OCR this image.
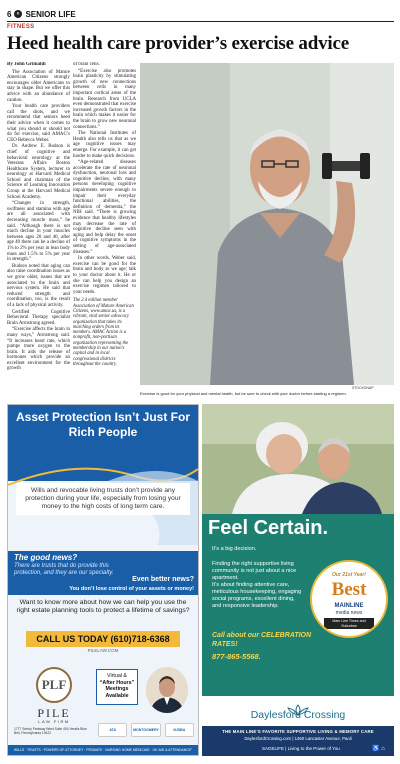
6 ◐ SENIOR LIFE
FITNESS
Heed health care provider’s exercise advice

By John Grimaldi

The Association of Mature American Citizens strongly encourages older Americans to stay in shape. But we offer this advice with an abundance of caution.

Your health care providers call the shots, and we recommend that seniors heed their advice when it comes to what you should or should not do for exercise, said AMAC’s CEO Rebecca Weber.

Dr. Andrew E. Budson is chief of cognitive and behavioral neurology at the Veterans Affairs Boston Healthcare System, lecturer in neurology at Harvard Medical School and chairman of the Science of Learning Innovation Group at the Harvard Medical School Academy.

“Changes in strength, swiftness and stamina with age are all associated with decreasing muscle mass,” he said. “Although there is not much decline in your muscles between ages 20 and 40, after age 40 there can be a decline of 1% to 2% per year in lean body mass and 1.5% to 5% per year in strength.”

Budson noted that aging can also raise coordination issues as we grow older, issues that are associated to the brain and nervous system. He said that reduced strength and coordination, too, is the result of a lack of physical activity.

Certified Cognitive Behavioral Therapy specialist Brain Armstrong agreed.

“Exercise affects the brain in many ways,” Armstrong said. “It increases heart rate, which pumps more oxygen to the brain. It aids the release of hormones which provide an excellent environment for the growth

of brain cells.

“Exercise also promotes brain plasticity by stimulating growth of new connections between cells in many important cortical areas of the brain. Research from UCLA even demonstrated that exercise increased growth factors in the brain which makes it easier for the brain to grow new neuronal connections.”

The National Institutes of Health also tells us that as we age cognitive issues may emerge. For example, it can get harder to make quick decisions.

“Age-related diseases accelerate the rate of neuronal dysfunction, neuronal loss and cognitive decline, with many persons developing cognitive impairments severe enough to impair their everyday functional abilities, the definition of dementia,” the NIH said. “There is growing evidence that healthy lifestyles may decrease the rate of cognitive decline seen with aging and help delay the onset of cognitive symptoms in the setting of age-associated diseases.”

In other words, Weber said, exercise can be good for the brain and body as we age; talk to your doctor about it. He or she can help you design an exercise regimen tailored to your needs.

The 2.4 million member Association of Mature American Citizens, www.amac.us, is a vibrant, vital senior advocacy organization that takes its marching orders from its members. AMAC Action is a nonprofit, non-partisan organization representing the membership in our nation’s capital and in local congressional districts throughout the country.

STOCKSNAP
Exercise is good for your physical and mental health, but be sure to check with your doctor before starting a regimen.
Asset Protection Isn’t Just For Rich People
Wills and revocable living trusts don’t provide any protection during your life, especially from losing your money to the high costs of long term care.
The good news?
There are trusts that do provide this protection, and they are our specialty.
Even better news?
You don’t lose control of your assets or money!
Want to know more about how we can help you use the right estate planning tools to protect a lifetime of savings?
CALL US TODAY (610)718-6368
PILELAW.COM
PLF
PILE
LAW FIRM
1777 Sentry Parkway West Suite 404 Veralis Blue Bell, Pennsylvania 19422
Virtual &
“After Hours”
Meetings
Available
ATA	MONTGOMERY	NJSBA
WILLS · TRUSTS · POWERS OF ATTORNEY · PROBATE · NURSING HOME MEDICAID · VA “AID & ATTENDANCE”
Feel Certain.
It’s a big decision.
Finding the right supportive living community is not just about a nice apartment.
It’s about finding attentive care, meticulous housekeeping, engaging social programs, excellent dining, and responsive leadership.
Call about our CELEBRATION RATES!
877-865-5568.
Our 21st Year!
Best
MAINLINE
media news
Main Line Times and Suburban
Daylesford Crossing
THE MAIN LINE’S FAVORITE SUPPORTIVE LIVING & MEMORY CARE
DaylesfordCrossing.com | 1450 Lancaster Avenue, Paoli
SAGELIFE | Living to the Power of You	♿ ⌂
